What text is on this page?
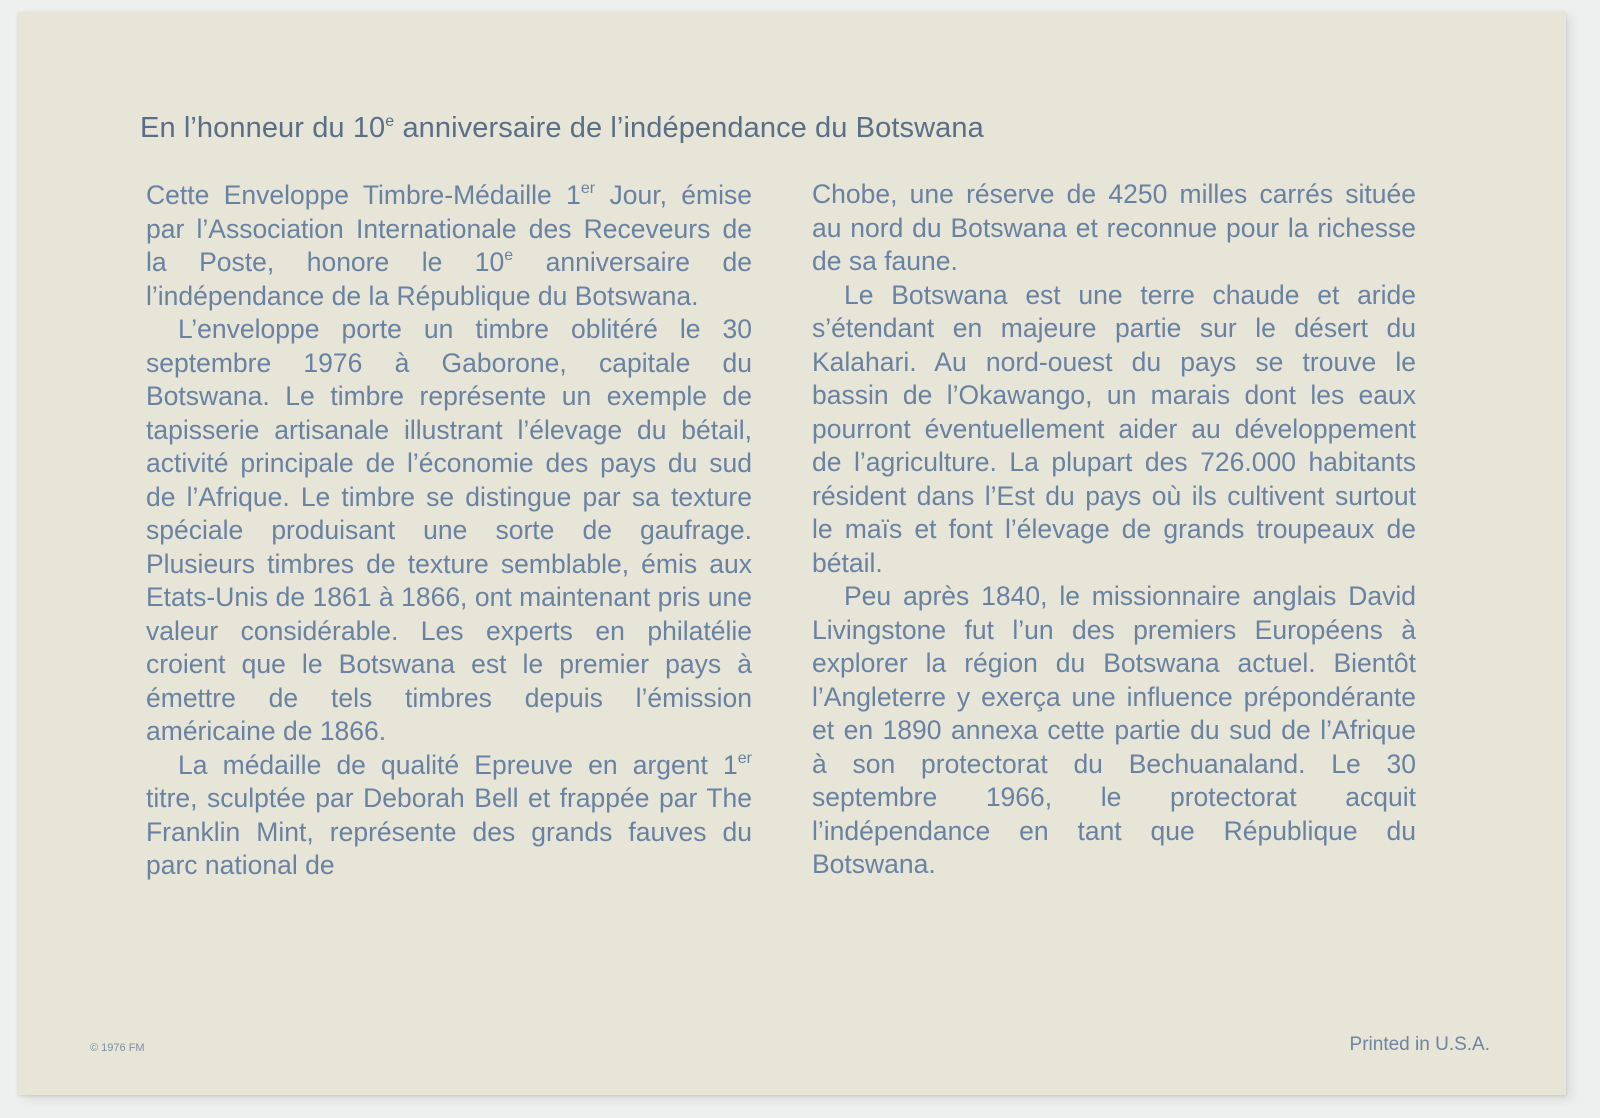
En l’honneur du 10e anniversaire de l’indépendance du Botswana

Cette Enveloppe Timbre-Médaille 1er Jour, émise par l’Association Internationale des Receveurs de la Poste, honore le 10e anniversaire de l’indépendance de la République du Botswana.

L’enveloppe porte un timbre oblitéré le 30 septembre 1976 à Gaborone, capitale du Botswana. Le timbre représente un exemple de tapisserie artisanale illustrant l’élevage du bétail, activité principale de l’économie des pays du sud de l’Afrique. Le timbre se distingue par sa texture spéciale produisant une sorte de gaufrage. Plusieurs timbres de texture semblable, émis aux Etats-Unis de 1861 à 1866, ont maintenant pris une valeur considérable. Les experts en philatélie croient que le Botswana est le premier pays à émettre de tels timbres depuis l’émission américaine de 1866.

La médaille de qualité Epreuve en argent 1er titre, sculptée par Deborah Bell et frappée par The Franklin Mint, représente des grands fauves du parc national de

Chobe, une réserve de 4250 milles carrés située au nord du Botswana et reconnue pour la richesse de sa faune.

Le Botswana est une terre chaude et aride s’étendant en majeure partie sur le désert du Kalahari. Au nord-ouest du pays se trouve le bassin de l’Okawango, un marais dont les eaux pourront éventuellement aider au développement de l’agriculture. La plupart des 726.000 habitants résident dans l’Est du pays où ils cultivent surtout le maïs et font l’élevage de grands troupeaux de bétail.

Peu après 1840, le missionnaire anglais David Livingstone fut l’un des premiers Européens à explorer la région du Botswana actuel. Bientôt l’Angleterre y exerça une influence prépondérante et en 1890 annexa cette partie du sud de l’Afrique à son protectorat du Bechuanaland. Le 30 septembre 1966, le protectorat acquit l’indépendance en tant que République du Botswana.

© 1976 FM	Printed in U.S.A.
